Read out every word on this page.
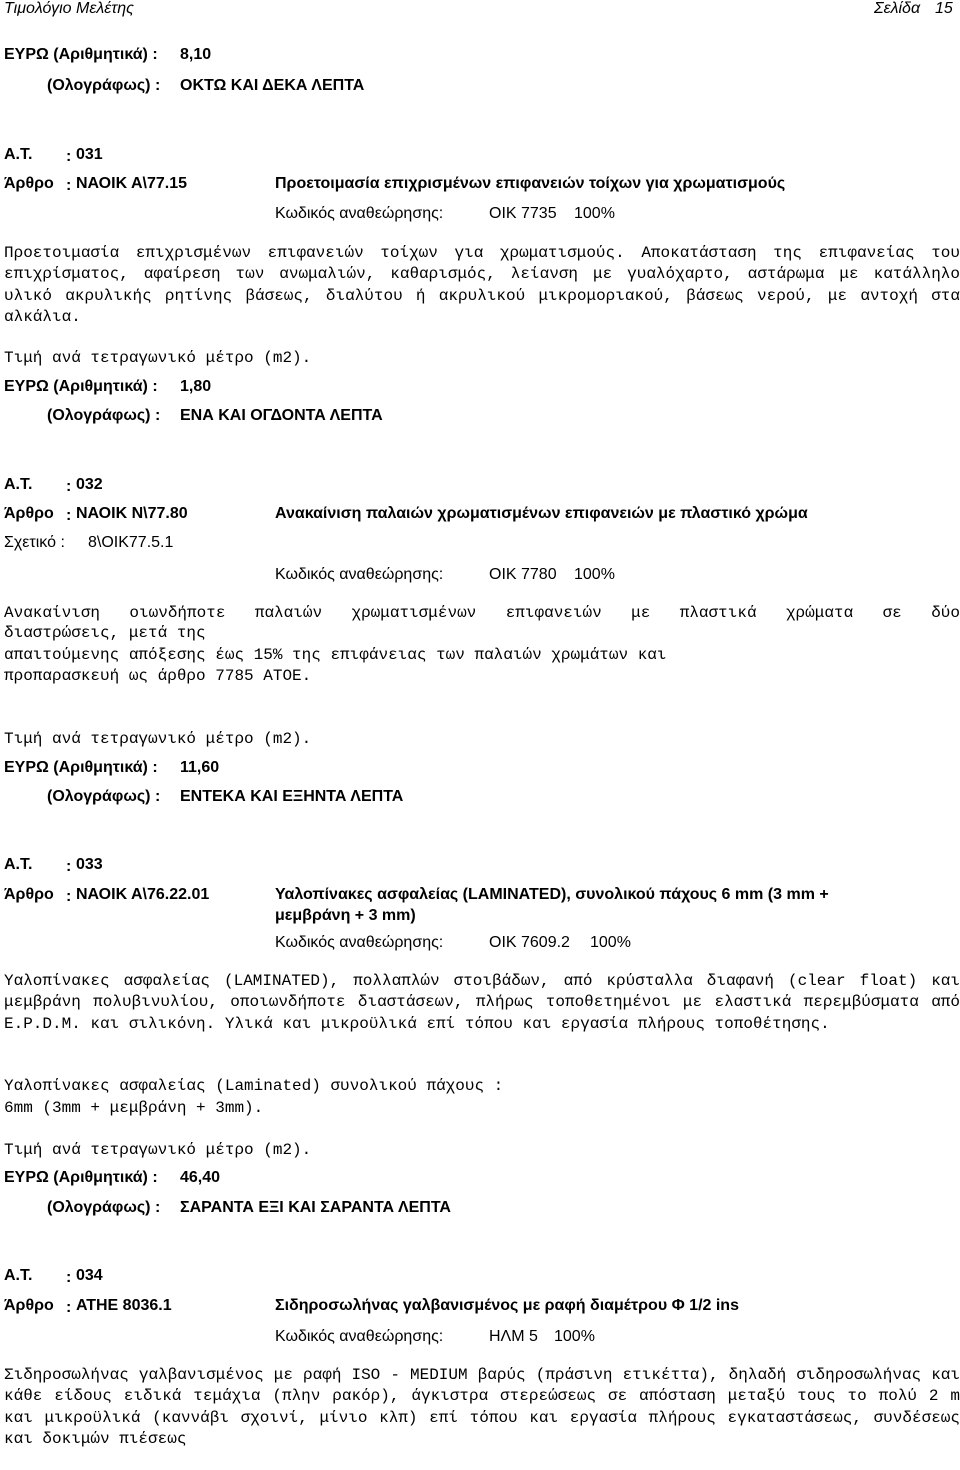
Τιμολόγιο Μελέτης	Σελίδα 15
ΕΥΡΩ (Αριθμητικά) : 8,10
(Ολογράφως) : ΟΚΤΩ ΚΑΙ ΔΕΚΑ ΛΕΠΤΑ
Α.Τ. : 031
Άρθρο : ΝΑΟΙΚ Α\77.15	Προετοιμασία επιχρισμένων επιφανειών τοίχων για χρωματισμούς
Κωδικός αναθεώρησης:	ΟΙΚ 7735 100%
Προετοιμασία επιχρισμένων επιφανειών τοίχων για χρωματισμούς. Αποκατάσταση της επιφανείας του επιχρίσματος, αφαίρεση των ανωμαλιών, καθαρισμός, λείανση με γυαλόχαρτο, αστάρωμα με κατάλληλο υλικό ακρυλικής ρητίνης βάσεως, διαλύτου ή ακρυλικού μικρομοριακού, βάσεως νερού, με αντοχή στα αλκάλια.
Τιμή ανά τετραγωνικό μέτρο (m2).
ΕΥΡΩ (Αριθμητικά) : 1,80
(Ολογράφως) : ΕΝΑ ΚΑΙ ΟΓΔΟΝΤΑ ΛΕΠΤΑ
Α.Τ. : 032
Άρθρο : ΝΑΟΙΚ Ν\77.80	Ανακαίνιση παλαιών χρωματισμένων επιφανειών με πλαστικό χρώμα
Σχετικό : 8\ΟΙΚ77.5.1
Κωδικός αναθεώρησης:	ΟΙΚ 7780 100%
Ανακαίνιση οιωνδήποτε παλαιών χρωματισμένων επιφανειών με πλαστικά χρώματα σε δύο
διαστρώσεις, μετά της
απαιτούμενης απόξεσης έως 15% της επιφάνειας των παλαιών χρωμάτων και
προπαρασκευή ως άρθρο 7785 ΑΤΟΕ.
Τιμή ανά τετραγωνικό μέτρο (m2).
ΕΥΡΩ (Αριθμητικά) : 11,60
(Ολογράφως) : ΕΝΤΕΚΑ ΚΑΙ ΕΞΗΝΤΑ ΛΕΠΤΑ
Α.Τ. : 033
Άρθρο : ΝΑΟΙΚ Α\76.22.01	Υαλοπίνακες ασφαλείας (LAMINATED), συνολικού πάχους 6 mm (3 mm +
μεμβράνη + 3 mm)
Κωδικός αναθεώρησης:	ΟΙΚ 7609.2 100%
Υαλοπίνακες ασφαλείας (LAMINATED), πολλαπλών στοιβάδων, από κρύσταλλα διαφανή (clear float) και μεμβράνη πολυβινυλίου, οποιωνδήποτε διαστάσεων, πλήρως τοποθετημένοι με ελαστικά περεμβύσματα από E.P.D.M. και σιλικόνη. Υλικά και μικροϋλικά επί τόπου και εργασία πλήρους τοποθέτησης.
Υαλοπίνακες ασφαλείας (Laminated) συνολικού πάχους :
6mm (3mm + μεμβράνη + 3mm).
Τιμή ανά τετραγωνικό μέτρο (m2).
ΕΥΡΩ (Αριθμητικά) : 46,40
(Ολογράφως) : ΣΑΡΑΝΤΑ ΕΞΙ ΚΑΙ ΣΑΡΑΝΤΑ ΛΕΠΤΑ
Α.Τ. : 034
Άρθρο : ΑΤΗΕ 8036.1	Σιδηροσωλήνας γαλβανισμένος με ραφή διαμέτρου Φ 1/2 ins
Κωδικός αναθεώρησης:	ΗΛΜ 5 100%
Σιδηροσωλήνας γαλβανισμένος με ραφή ISO - MEDIUM βαρύς (πράσινη ετικέττα), δηλαδή σιδηροσωλήνας και κάθε είδους ειδικά τεμάχια (πλην ρακόρ), άγκιστρα στερεώσεως σε απόσταση μεταξύ τους το πολύ 2 m και μικροϋλικά (καννάβι σχοινί, μίνιο κλπ) επί τόπου και εργασία πλήρους εγκαταστάσεως, συνδέσεως και δοκιμών πιέσεως
